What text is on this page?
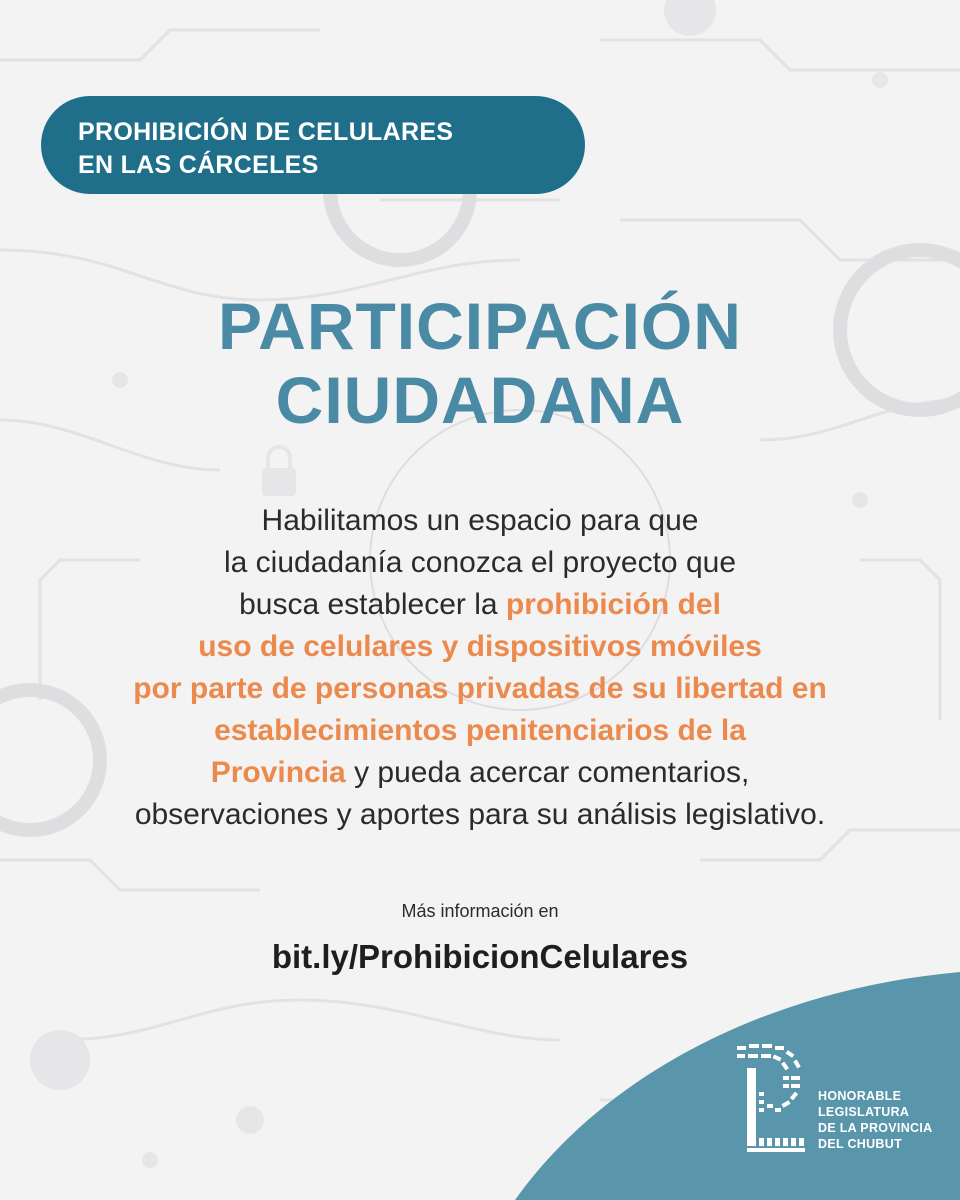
PROHIBICIÓN DE CELULARES
EN LAS CÁRCELES
PARTICIPACIÓN
CIUDADANA
Habilitamos un espacio para que
la ciudadanía conozca el proyecto que
busca establecer la prohibición del
uso de celulares y dispositivos móviles
por parte de personas privadas de su libertad en
establecimientos penitenciarios de la
Provincia y pueda acercar comentarios,
observaciones y aportes para su análisis legislativo.
Más información en
bit.ly/ProhibicionCelulares
HONORABLE
LEGISLATURA
DE LA PROVINCIA
DEL CHUBUT
